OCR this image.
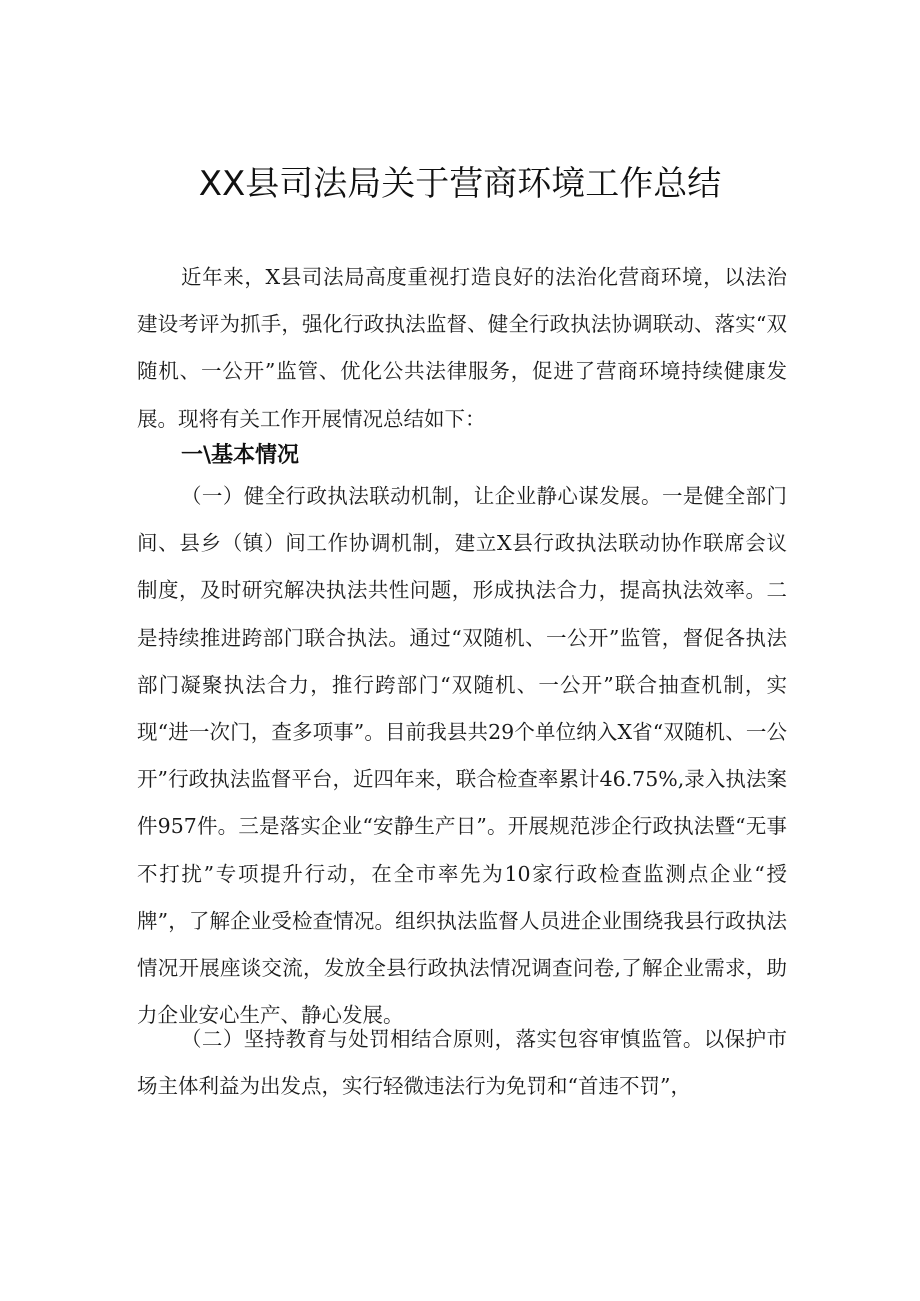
XX县司法局关于营商环境工作总结

近年来，X县司法局高度重视打造良好的法治化营商环境，以法治建设考评为抓手，强化行政执法监督、健全行政执法协调联动、落实“双随机、一公开”监管、优化公共法律服务，促进了营商环境持续健康发展。现将有关工作开展情况总结如下：

一\基本情况

（一）健全行政执法联动机制，让企业静心谋发展。一是健全部门间、县乡（镇）间工作协调机制，建立X县行政执法联动协作联席会议制度，及时研究解决执法共性问题，形成执法合力，提高执法效率。二是持续推进跨部门联合执法。通过“双随机、一公开”监管，督促各执法部门凝聚执法合力，推行跨部门“双随机、一公开”联合抽查机制，实现“进一次门，查多项事”。目前我县共29个单位纳入X省“双随机、一公开”行政执法监督平台，近四年来，联合检查率累计46.75%,录入执法案件957件。三是落实企业“安静生产日”。开展规范涉企行政执法暨“无事不打扰”专项提升行动，在全市率先为10家行政检查监测点企业“授牌”，了解企业受检查情况。组织执法监督人员进企业围绕我县行政执法情况开展座谈交流，发放全县行政执法情况调查问卷,了解企业需求，助力企业安心生产、静心发展。

（二）坚持教育与处罚相结合原则，落实包容审慎监管。以保护市场主体利益为出发点，实行轻微违法行为免罚和“首违不罚”，
